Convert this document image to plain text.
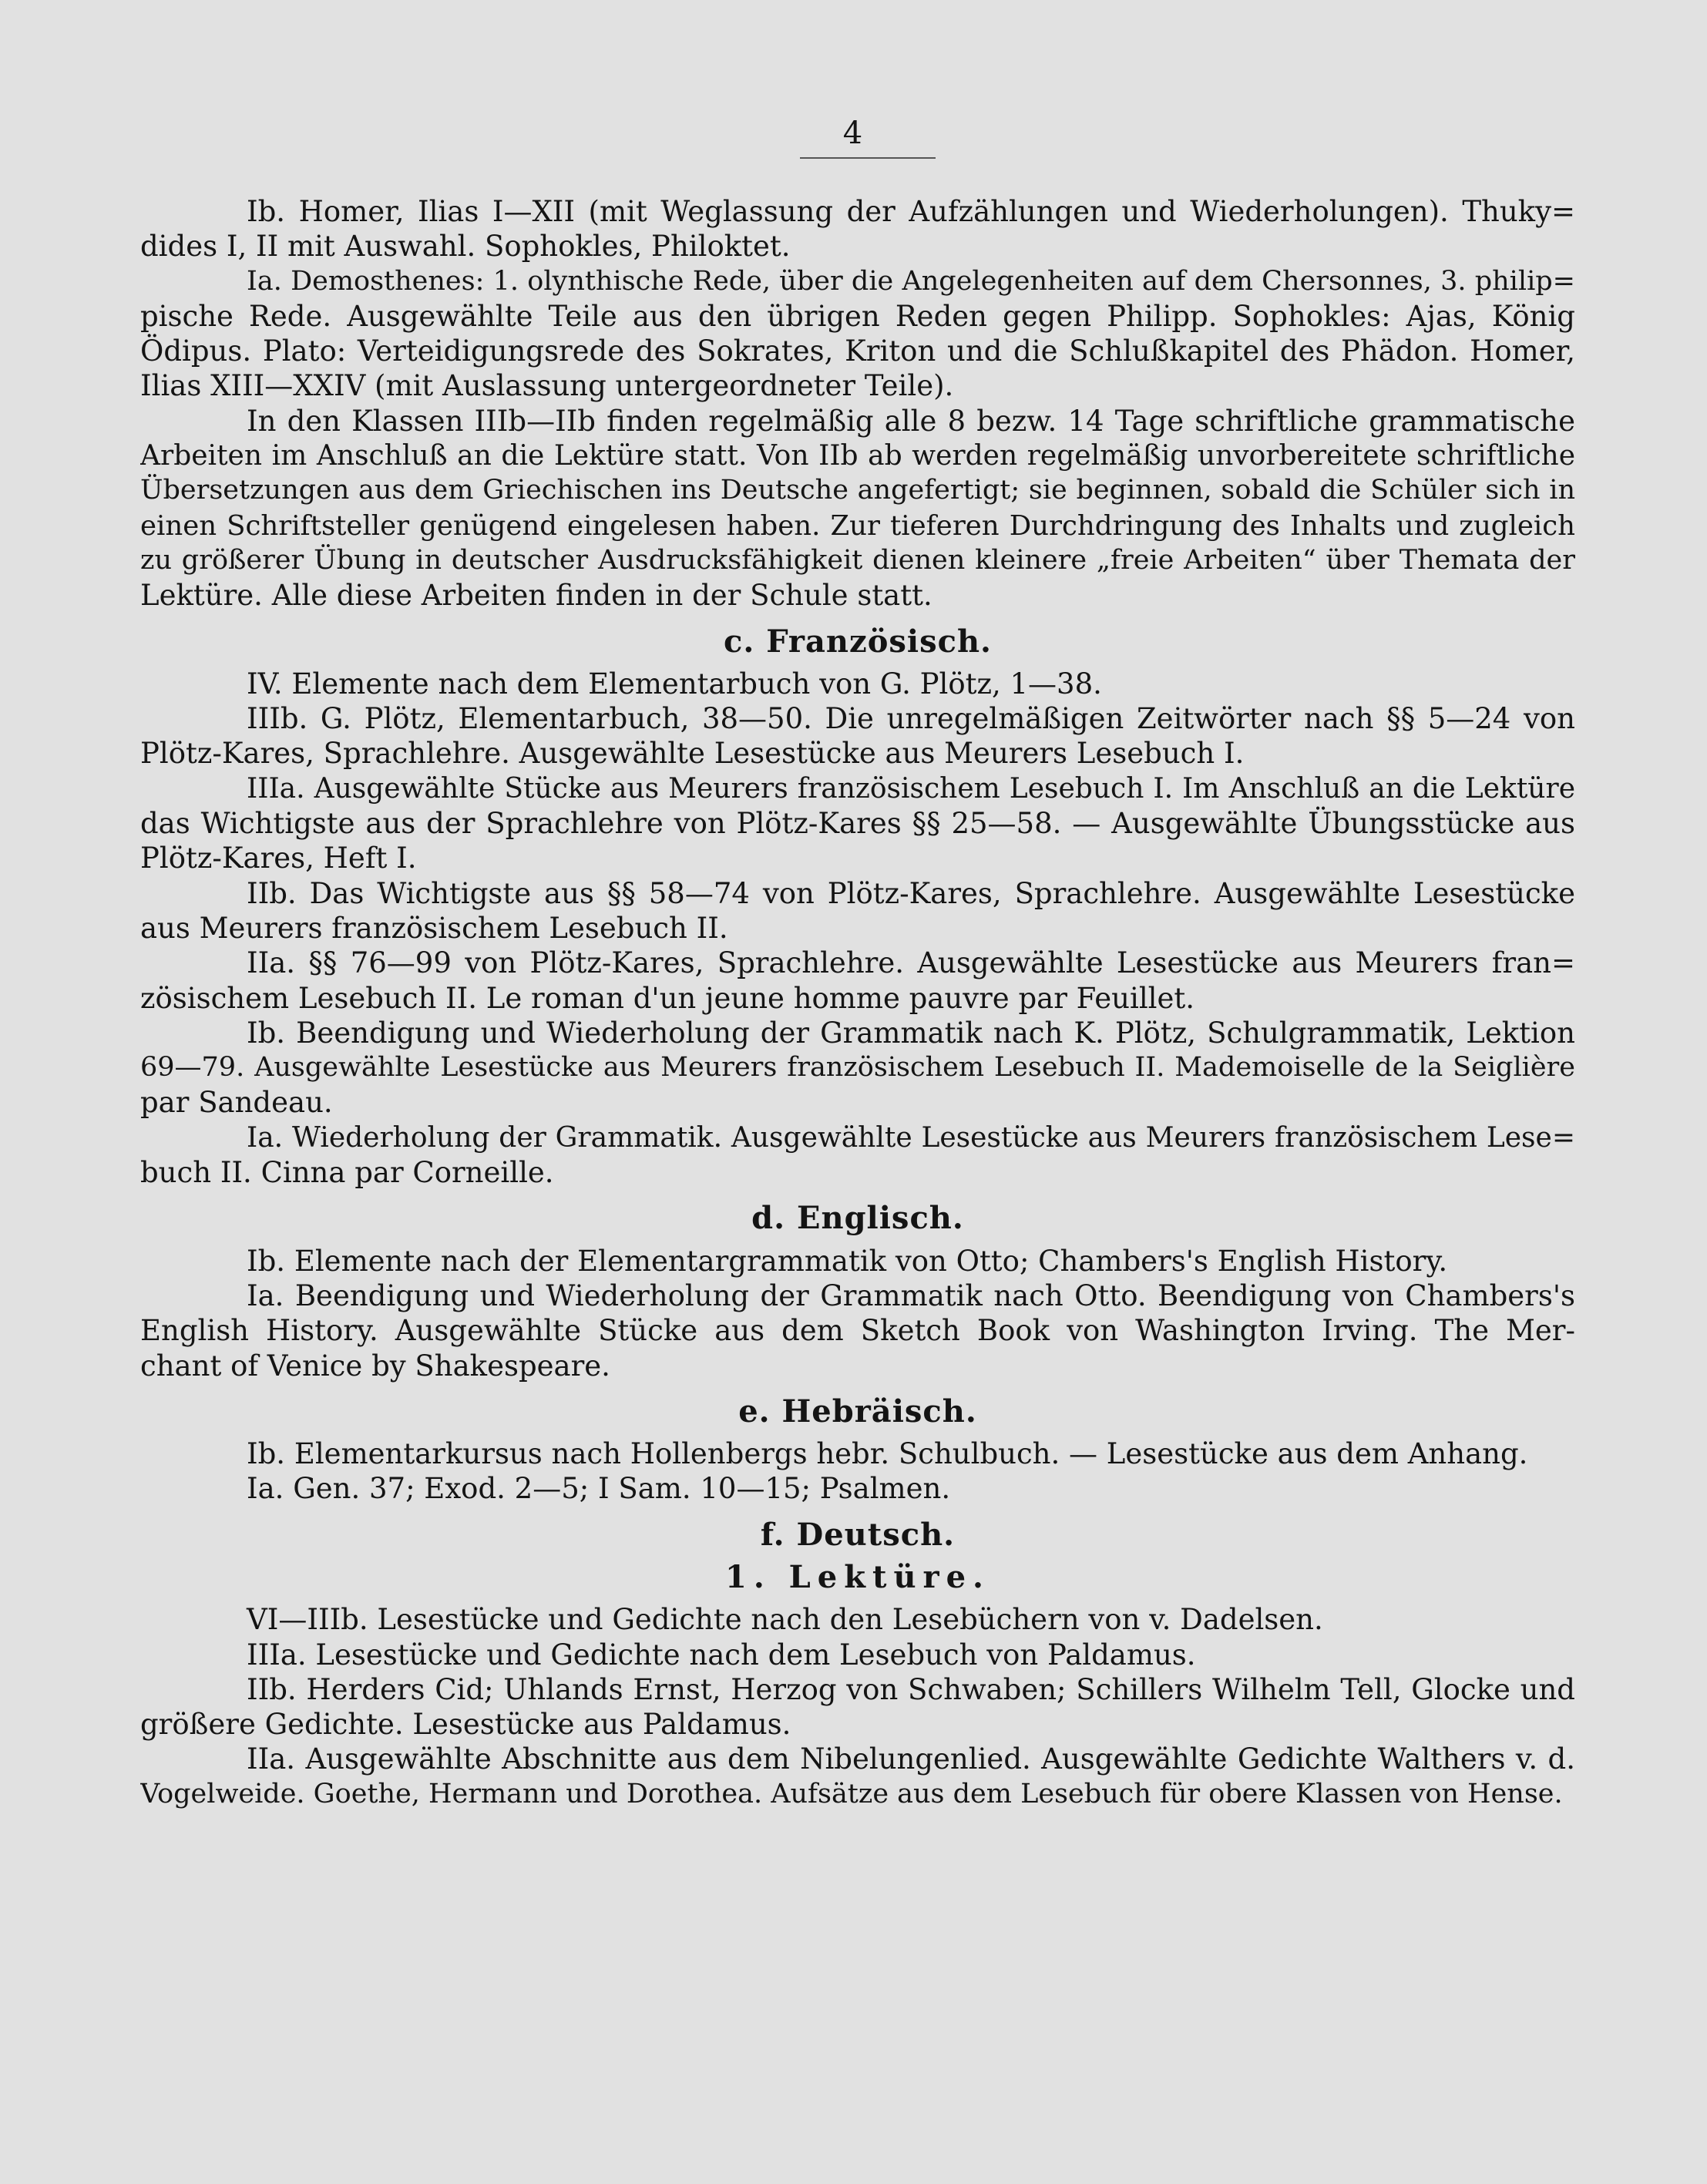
4
Ib. Homer, Ilias I—XII (mit Weglassung der Aufzählungen und Wiederholungen). Thuky=
dides I, II mit Auswahl. Sophokles, Philoktet.
Ia. Demosthenes: 1. olynthische Rede, über die Angelegenheiten auf dem Chersonnes, 3. philip=
pische Rede. Ausgewählte Teile aus den übrigen Reden gegen Philipp. Sophokles: Ajas, König
Ödipus. Plato: Verteidigungsrede des Sokrates, Kriton und die Schlußkapitel des Phädon. Homer,
Ilias XIII—XXIV (mit Auslassung untergeordneter Teile).
In den Klassen IIIb—IIb finden regelmäßig alle 8 bezw. 14 Tage schriftliche grammatische
Arbeiten im Anschluß an die Lektüre statt. Von IIb ab werden regelmäßig unvorbereitete schriftliche
Übersetzungen aus dem Griechischen ins Deutsche angefertigt; sie beginnen, sobald die Schüler sich in
einen Schriftsteller genügend eingelesen haben. Zur tieferen Durchdringung des Inhalts und zugleich
zu größerer Übung in deutscher Ausdrucksfähigkeit dienen kleinere „freie Arbeiten“ über Themata der
Lektüre. Alle diese Arbeiten finden in der Schule statt.
c. Französisch.
IV. Elemente nach dem Elementarbuch von G. Plötz, 1—38.
IIIb. G. Plötz, Elementarbuch, 38—50. Die unregelmäßigen Zeitwörter nach §§ 5—24 von
Plötz-Kares, Sprachlehre. Ausgewählte Lesestücke aus Meurers Lesebuch I.
IIIa. Ausgewählte Stücke aus Meurers französischem Lesebuch I. Im Anschluß an die Lektüre
das Wichtigste aus der Sprachlehre von Plötz-Kares §§ 25—58. — Ausgewählte Übungsstücke aus
Plötz-Kares, Heft I.
IIb. Das Wichtigste aus §§ 58—74 von Plötz-Kares, Sprachlehre. Ausgewählte Lesestücke
aus Meurers französischem Lesebuch II.
IIa. §§ 76—99 von Plötz-Kares, Sprachlehre. Ausgewählte Lesestücke aus Meurers fran=
zösischem Lesebuch II. Le roman d'un jeune homme pauvre par Feuillet.
Ib. Beendigung und Wiederholung der Grammatik nach K. Plötz, Schulgrammatik, Lektion
69—79. Ausgewählte Lesestücke aus Meurers französischem Lesebuch II. Mademoiselle de la Seiglière
par Sandeau.
Ia. Wiederholung der Grammatik. Ausgewählte Lesestücke aus Meurers französischem Lese=
buch II. Cinna par Corneille.
d. Englisch.
Ib. Elemente nach der Elementargrammatik von Otto; Chambers's English History.
Ia. Beendigung und Wiederholung der Grammatik nach Otto. Beendigung von Chambers's
English History. Ausgewählte Stücke aus dem Sketch Book von Washington Irving. The Mer-
chant of Venice by Shakespeare.
e. Hebräisch.
Ib. Elementarkursus nach Hollenbergs hebr. Schulbuch. — Lesestücke aus dem Anhang.
Ia. Gen. 37; Exod. 2—5; I Sam. 10—15; Psalmen.
f. Deutsch.
1. Lektüre.
VI—IIIb. Lesestücke und Gedichte nach den Lesebüchern von v. Dadelsen.
IIIa. Lesestücke und Gedichte nach dem Lesebuch von Paldamus.
IIb. Herders Cid; Uhlands Ernst, Herzog von Schwaben; Schillers Wilhelm Tell, Glocke und
größere Gedichte. Lesestücke aus Paldamus.
IIa. Ausgewählte Abschnitte aus dem Nibelungenlied. Ausgewählte Gedichte Walthers v. d.
Vogelweide. Goethe, Hermann und Dorothea. Aufsätze aus dem Lesebuch für obere Klassen von Hense.
